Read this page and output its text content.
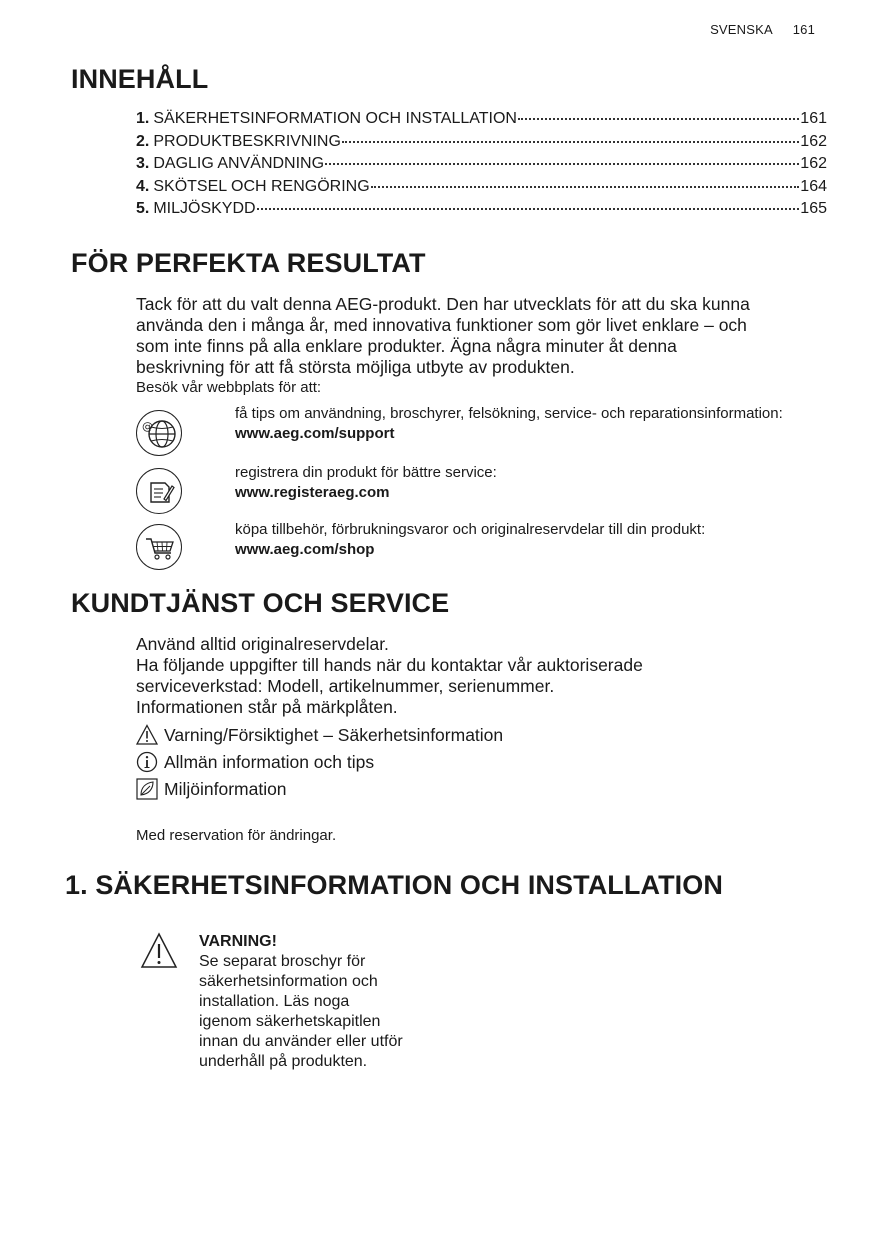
SVENSKA 161
INNEHÅLL
1. SÄKERHETSINFORMATION OCH INSTALLATION	161
2. PRODUKTBESKRIVNING	162
3. DAGLIG ANVÄNDNING	162
4. SKÖTSEL OCH RENGÖRING	164
5. MILJÖSKYDD	165
FÖR PERFEKTA RESULTAT
Tack för att du valt denna AEG-produkt. Den har utvecklats för att du ska kunna
använda den i många år, med innovativa funktioner som gör livet enklare – och
som inte finns på alla enklare produkter. Ägna några minuter åt denna
beskrivning för att få största möjliga utbyte av produkten.
Besök vår webbplats för att:
@
få tips om användning, broschyrer, felsökning, service- och reparationsinformation:
www.aeg.com/support
registrera din produkt för bättre service:
www.registeraeg.com
köpa tillbehör, förbrukningsvaror och originalreservdelar till din produkt:
www.aeg.com/shop
KUNDTJÄNST OCH SERVICE
Använd alltid originalreservdelar.
Ha följande uppgifter till hands när du kontaktar vår auktoriserade
serviceverkstad: Modell, artikelnummer, serienummer.
Informationen står på märkplåten.
Varning/Försiktighet – Säkerhetsinformation
Allmän information och tips
Miljöinformation
Med reservation för ändringar.
1. SÄKERHETSINFORMATION OCH INSTALLATION
VARNING!
Se separat broschyr för
säkerhetsinformation och
installation. Läs noga
igenom säkerhetskapitlen
innan du använder eller utför
underhåll på produkten.
